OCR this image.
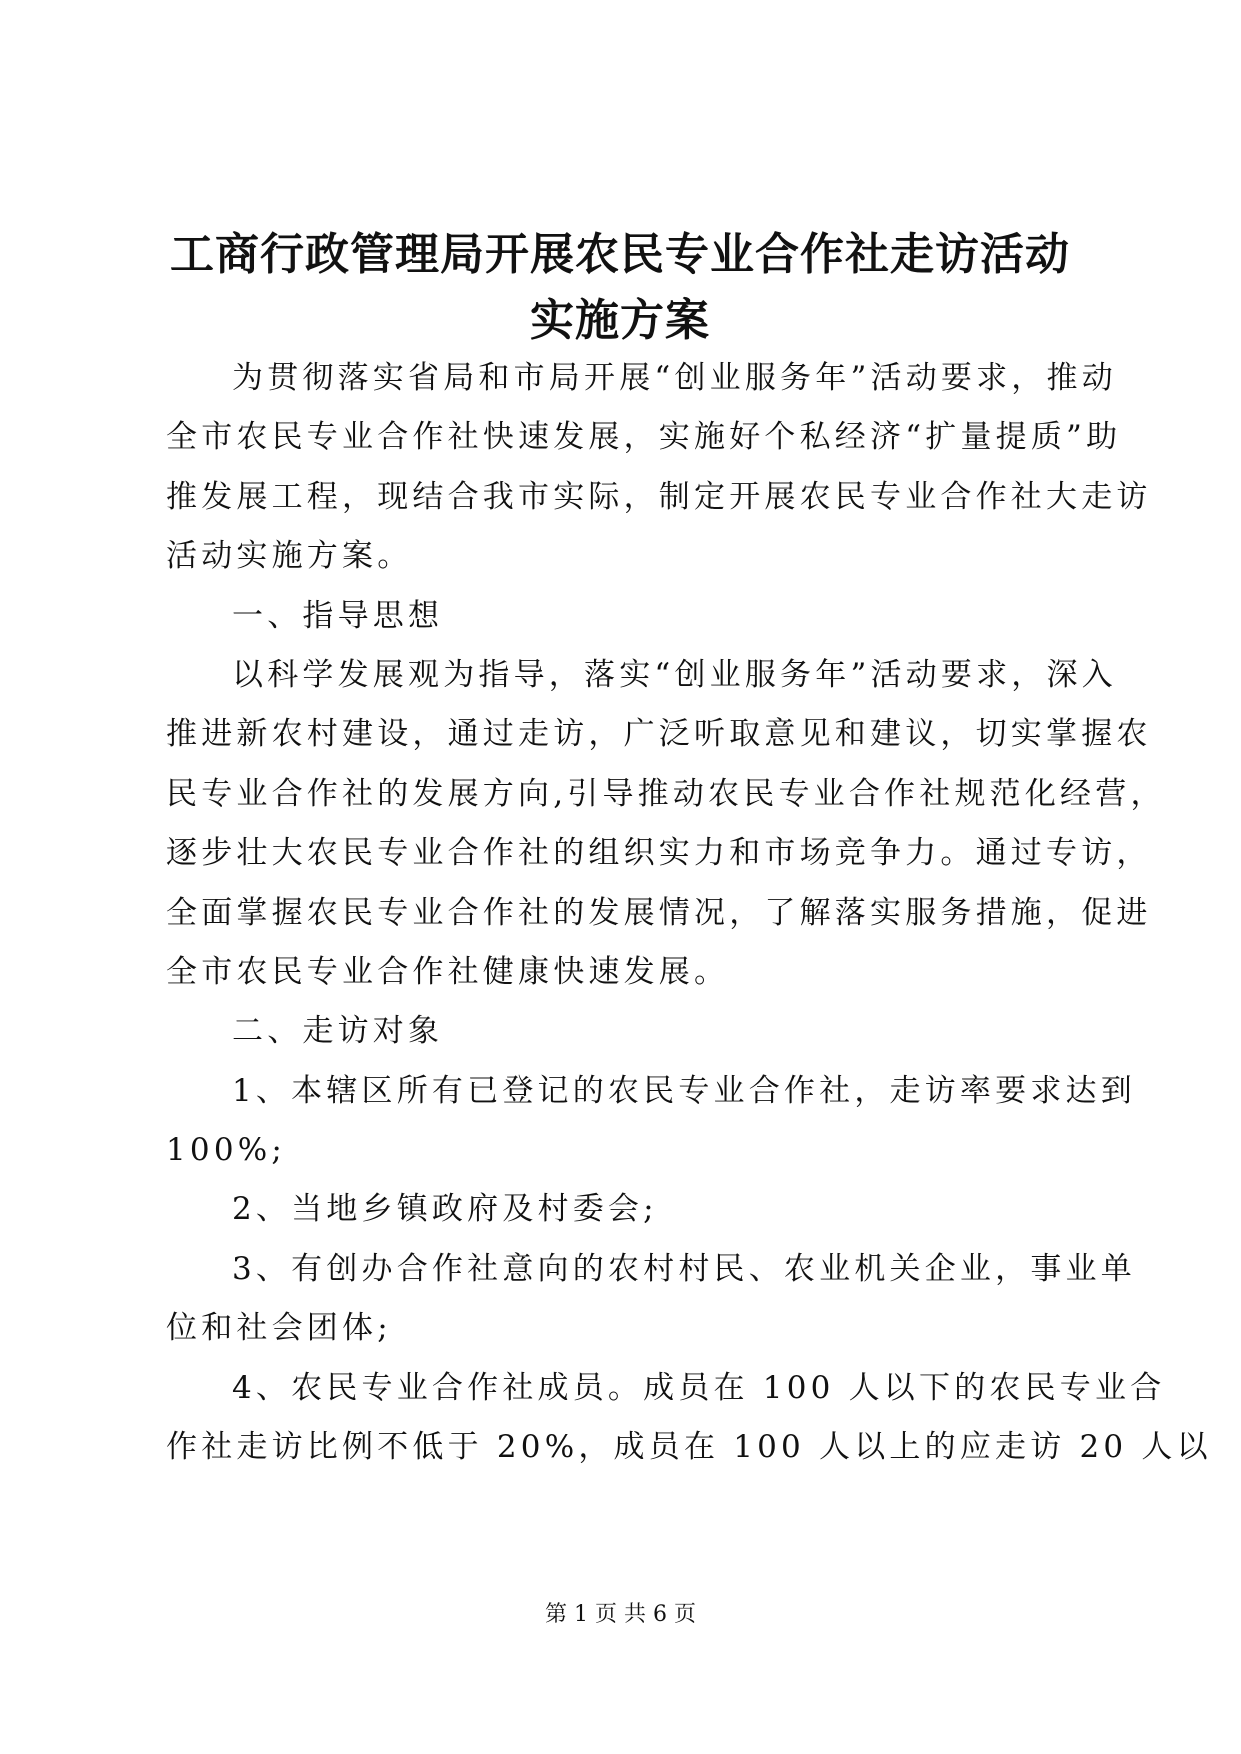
工商行政管理局开展农民专业合作社走访活动
实施方案
为贯彻落实省局和市局开展“创业服务年”活动要求，推动
全市农民专业合作社快速发展，实施好个私经济“扩量提质”助
推发展工程，现结合我市实际，制定开展农民专业合作社大走访
活动实施方案。
一、指导思想
以科学发展观为指导，落实“创业服务年”活动要求，深入
推进新农村建设，通过走访，广泛听取意见和建议，切实掌握农
民专业合作社的发展方向,引导推动农民专业合作社规范化经营，
逐步壮大农民专业合作社的组织实力和市场竞争力。通过专访，
全面掌握农民专业合作社的发展情况，了解落实服务措施，促进
全市农民专业合作社健康快速发展。
二、走访对象
1、本辖区所有已登记的农民专业合作社，走访率要求达到
100%;
2、当地乡镇政府及村委会;
3、有创办合作社意向的农村村民、农业机关企业，事业单
位和社会团体;
4、农民专业合作社成员。成员在 100 人以下的农民专业合
作社走访比例不低于 20%，成员在 100 人以上的应走访 20 人以
第 1 页 共 6 页
